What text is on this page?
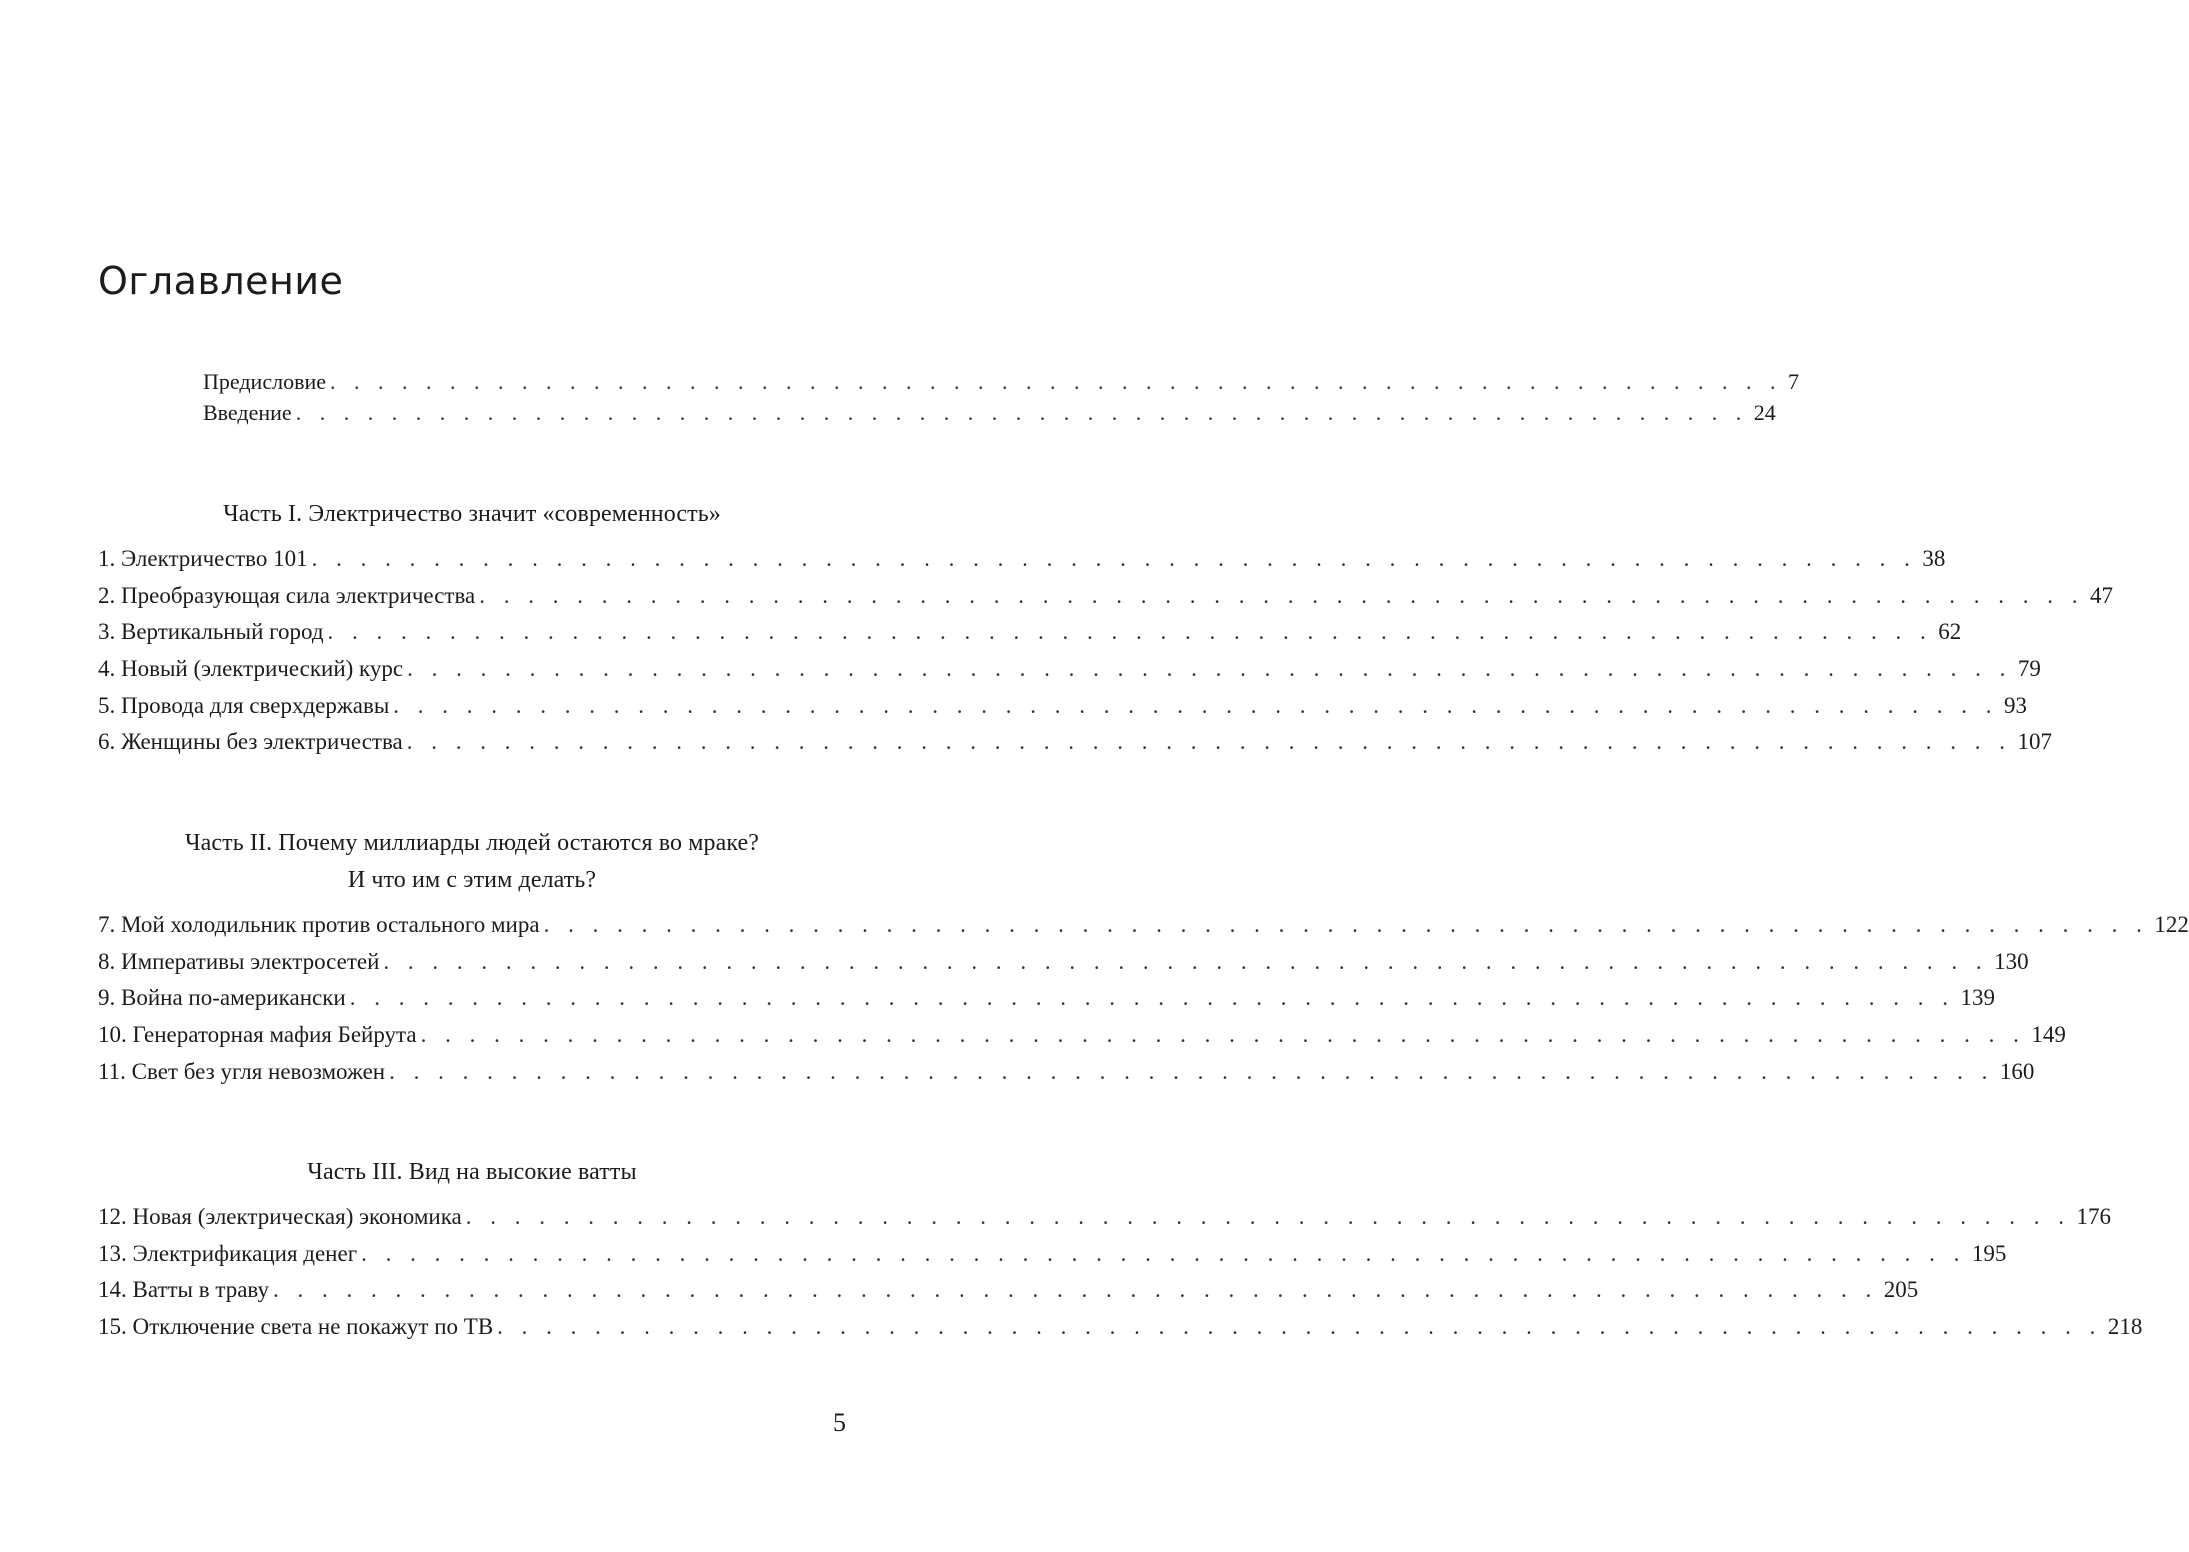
Оглавление
Предисловие . . . . . . . . . . . . . . . . . . . . . . . . . . . . . . . . . . . . . . . . . . . . . . . . . . . . . . . . . . . . . 7
Введение . . . . . . . . . . . . . . . . . . . . . . . . . . . . . . . . . . . . . . . . . . . . . . . . . . . . . . . . . . . . . 24
Часть I. Электричество значит «современность»
1. Электричество 101 . . . . . . . . . . . . . . . . . . . . . . . . . . . . . . . . . . . . . . . . . . . . . . . . . . . . . . . . . . . . . . . . . . 38
2. Преобразующая сила электричества . . . . . . . . . . . . . . . . . . . . . . . . . . . . . . . . . . . . . . . . . . . . . . . . . . . . . . . . . . . . . . . . . . 47
3. Вертикальный город . . . . . . . . . . . . . . . . . . . . . . . . . . . . . . . . . . . . . . . . . . . . . . . . . . . . . . . . . . . . . . . . . . 62
4. Новый (электрический) курс . . . . . . . . . . . . . . . . . . . . . . . . . . . . . . . . . . . . . . . . . . . . . . . . . . . . . . . . . . . . . . . . . . 79
5. Провода для сверхдержавы . . . . . . . . . . . . . . . . . . . . . . . . . . . . . . . . . . . . . . . . . . . . . . . . . . . . . . . . . . . . . . . . . . 93
6. Женщины без электричества . . . . . . . . . . . . . . . . . . . . . . . . . . . . . . . . . . . . . . . . . . . . . . . . . . . . . . . . . . . . . . . . . . 107
Часть II. Почему миллиарды людей остаются во мраке?
И что им с этим делать?
7. Мой холодильник против остального мира . . . . . . . . . . . . . . . . . . . . . . . . . . . . . . . . . . . . . . . . . . . . . . . . . . . . . . . . . . . . . . . . . . 122
8. Императивы электросетей . . . . . . . . . . . . . . . . . . . . . . . . . . . . . . . . . . . . . . . . . . . . . . . . . . . . . . . . . . . . . . . . . . 130
9. Война по-американски . . . . . . . . . . . . . . . . . . . . . . . . . . . . . . . . . . . . . . . . . . . . . . . . . . . . . . . . . . . . . . . . . . 139
10. Генераторная мафия Бейрута . . . . . . . . . . . . . . . . . . . . . . . . . . . . . . . . . . . . . . . . . . . . . . . . . . . . . . . . . . . . . . . . . . 149
11. Свет без угля невозможен . . . . . . . . . . . . . . . . . . . . . . . . . . . . . . . . . . . . . . . . . . . . . . . . . . . . . . . . . . . . . . . . . . 160
Часть III. Вид на высокие ватты
12. Новая (электрическая) экономика . . . . . . . . . . . . . . . . . . . . . . . . . . . . . . . . . . . . . . . . . . . . . . . . . . . . . . . . . . . . . . . . . . 176
13. Электрификация денег . . . . . . . . . . . . . . . . . . . . . . . . . . . . . . . . . . . . . . . . . . . . . . . . . . . . . . . . . . . . . . . . . . 195
14. Ватты в траву . . . . . . . . . . . . . . . . . . . . . . . . . . . . . . . . . . . . . . . . . . . . . . . . . . . . . . . . . . . . . . . . . . 205
15. Отключение света не покажут по ТВ . . . . . . . . . . . . . . . . . . . . . . . . . . . . . . . . . . . . . . . . . . . . . . . . . . . . . . . . . . . . . . . . . . 218
5
